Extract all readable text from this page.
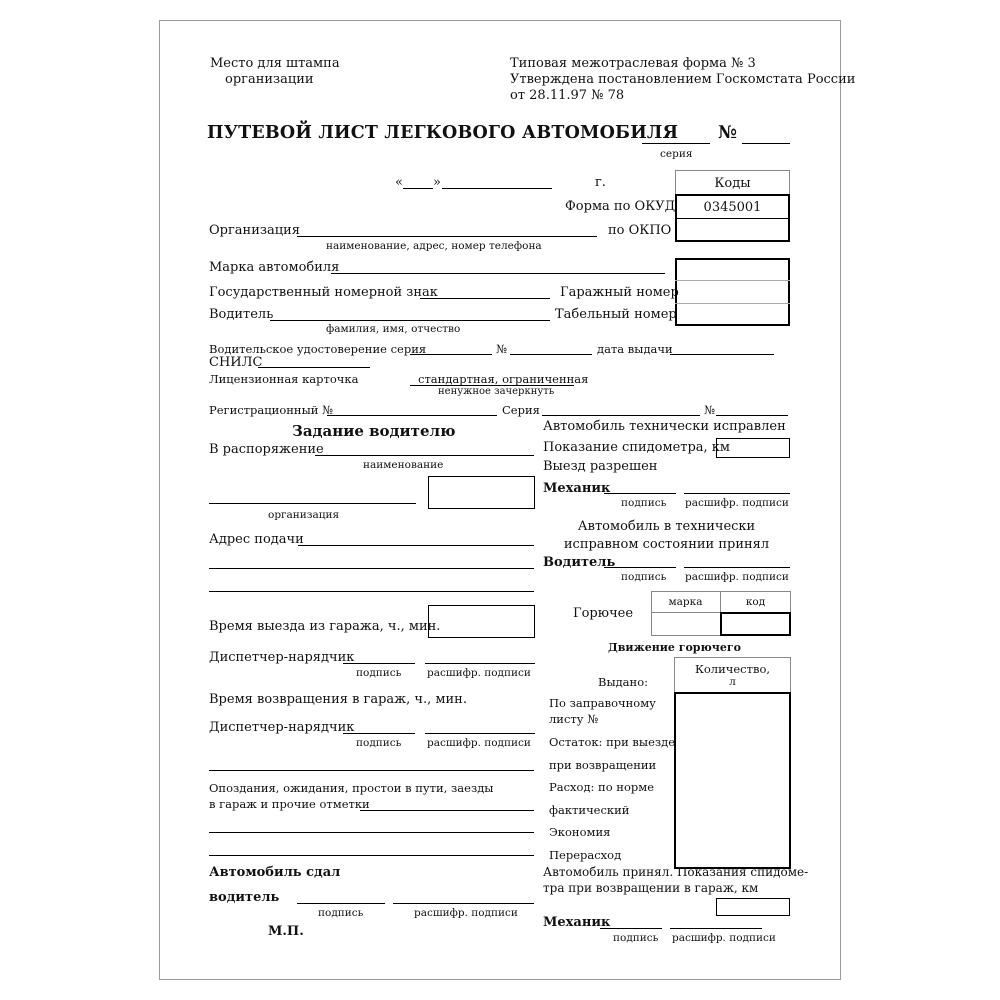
Место для штампа
организации
Типовая межотраслевая форма № 3
Утверждена постановлением Госкомстата России
от 28.11.97 № 78
ПУТЕВОЙ ЛИСТ ЛЕГКОВОГО АВТОМОБИЛЯ №
серия
« »	г.	Коды
Форма по ОКУД	0345001
по ОКПО
Организация
наименование, адрес, номер телефона
Марка автомобиля
Государственный номерной знак	Гаражный номер
Водитель	Табельный номер
фамилия, имя, отчество
Водительское удостоверение серия	№	дата выдачи
СНИЛС
Лицензионная карточка	стандартная, ограниченная
ненужное зачеркнуть
Регистрационный №	Серия	№
Задание водителю
В распоряжение
наименование
организация
Адрес подачи
Время выезда из гаража, ч., мин.
Диспетчер-нарядчик
подпись расшифр. подписи
Время возвращения в гараж, ч., мин.
Диспетчер-нарядчик
подпись расшифр. подписи
Опоздания, ожидания, простои в пути, заезды
в гараж и прочие отметки
Автомобиль сдал
водитель
подпись	расшифр. подписи
М.П.
Автомобиль технически исправлен
Показание спидометра, км
Выезд разрешен
Механик
подпись расшифр. подписи
Автомобиль в технически
исправном состоянии принял
Водитель
подпись расшифр. подписи
Горючее
марка	код
Движение горючего
Количество,
л
Выдано:
По заправочному
листу №
Остаток: при выезде
при возвращении
Расход: по норме
фактический
Экономия
Перерасход
Автомобиль принял. Показания спидоме-
тра при возвращении в гараж, км
Механик
подпись расшифр. подписи
